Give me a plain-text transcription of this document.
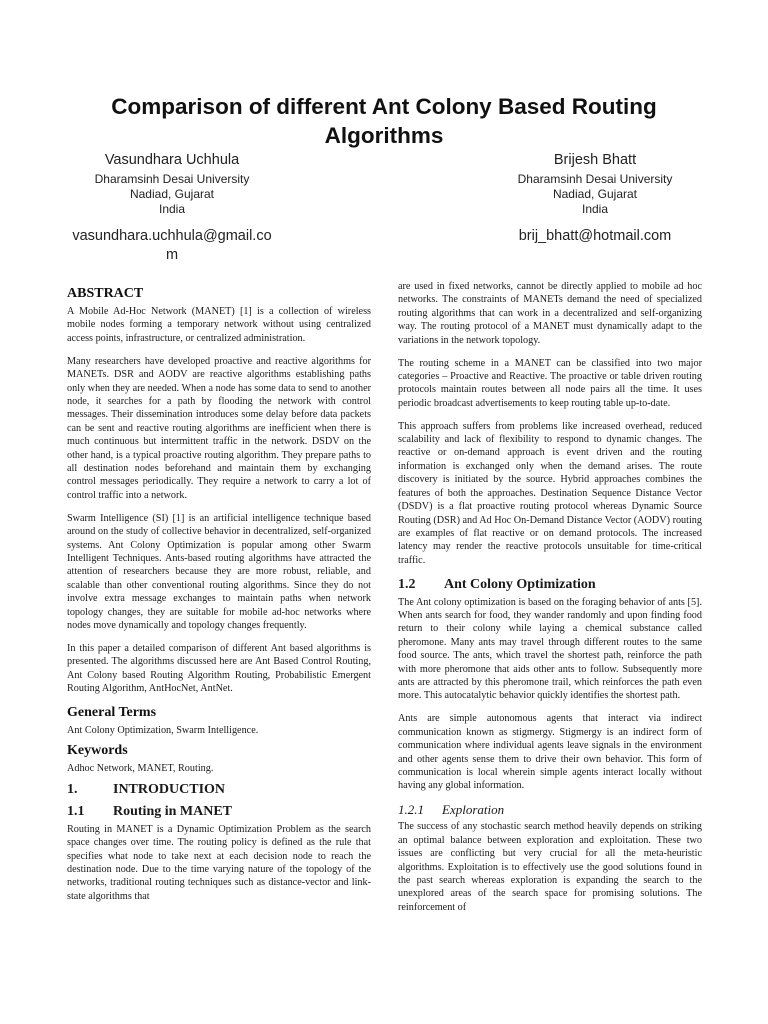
Comparison of different Ant Colony Based Routing Algorithms
Vasundhara Uchhula
Dharamsinh Desai University
Nadiad, Gujarat
India
vasundhara.uchhula@gmail.co
m
Brijesh Bhatt
Dharamsinh Desai University
Nadiad, Gujarat
India
brij_bhatt@hotmail.com
ABSTRACT

A Mobile Ad-Hoc Network (MANET) [1] is a collection of wireless mobile nodes forming a temporary network without using centralized access points, infrastructure, or centralized administration.

Many researchers have developed proactive and reactive algorithms for MANETs. DSR and AODV are reactive algorithms establishing paths only when they are needed. When a node has some data to send to another node, it searches for a path by flooding the network with control messages. Their dissemination introduces some delay before data packets can be sent and reactive routing algorithms are inefficient when there is much continuous but intermittent traffic in the network. DSDV on the other hand, is a typical proactive routing algorithm. They prepare paths to all destination nodes beforehand and maintain them by exchanging control messages periodically. They require a network to carry a lot of control traffic into a network.

Swarm Intelligence (SI) [1] is an artificial intelligence technique based around on the study of collective behavior in decentralized, self-organized systems. Ant Colony Optimization is popular among other Swarm Intelligent Techniques. Ants-based routing algorithms have attracted the attention of researchers because they are more robust, reliable, and scalable than other conventional routing algorithms. Since they do not involve extra message exchanges to maintain paths when network topology changes, they are suitable for mobile ad-hoc networks where nodes move dynamically and topology changes frequently.

In this paper a detailed comparison of different Ant based algorithms is presented. The algorithms discussed here are Ant Based Control Routing, Ant Colony based Routing Algorithm Routing, Probabilistic Emergent Routing Algorithm, AntHocNet, AntNet.

General Terms

Ant Colony Optimization, Swarm Intelligence.

Keywords

Adhoc Network, MANET, Routing.

1.	INTRODUCTION
1.1	Routing in MANET

Routing in MANET is a Dynamic Optimization Problem as the search space changes over time. The routing policy is defined as the rule that specifies what node to take next at each decision node to reach the destination node. Due to the time varying nature of the topology of the networks, traditional routing techniques such as distance-vector and link-state algorithms that

are used in fixed networks, cannot be directly applied to mobile ad hoc networks. The constraints of MANETs demand the need of specialized routing algorithms that can work in a decentralized and self-organizing way. The routing protocol of a MANET must dynamically adapt to the variations in the network topology.

The routing scheme in a MANET can be classified into two major categories – Proactive and Reactive. The proactive or table driven routing protocols maintain routes between all node pairs all the time. It uses periodic broadcast advertisements to keep routing table up-to-date.

This approach suffers from problems like increased overhead, reduced scalability and lack of flexibility to respond to dynamic changes. The reactive or on-demand approach is event driven and the routing information is exchanged only when the demand arises. The route discovery is initiated by the source. Hybrid approaches combines the features of both the approaches. Destination Sequence Distance Vector (DSDV) is a flat proactive routing protocol whereas Dynamic Source Routing (DSR) and Ad Hoc On-Demand Distance Vector (AODV) routing are examples of flat reactive or on demand protocols. The increased latency may render the reactive protocols unsuitable for time-critical traffic.

1.2	Ant Colony Optimization

The Ant colony optimization is based on the foraging behavior of ants [5]. When ants search for food, they wander randomly and upon finding food return to their colony while laying a chemical substance called pheromone. Many ants may travel through different routes to the same food source. The ants, which travel the shortest path, reinforce the path with more pheromone that aids other ants to follow. Subsequently more ants are attracted by this pheromone trail, which reinforces the path even more. This autocatalytic behavior quickly identifies the shortest path.

Ants are simple autonomous agents that interact via indirect communication known as stigmergy. Stigmergy is an indirect form of communication where individual agents leave signals in the environment and other agents sense them to drive their own behavior. This form of communication is local wherein simple agents interact locally without having any global information.

1.2.1	Exploration

The success of any stochastic search method heavily depends on striking an optimal balance between exploration and exploitation. These two issues are conflicting but very crucial for all the meta-heuristic algorithms. Exploitation is to effectively use the good solutions found in the past search whereas exploration is expanding the search to the unexplored areas of the search space for promising solutions. The reinforcement of
